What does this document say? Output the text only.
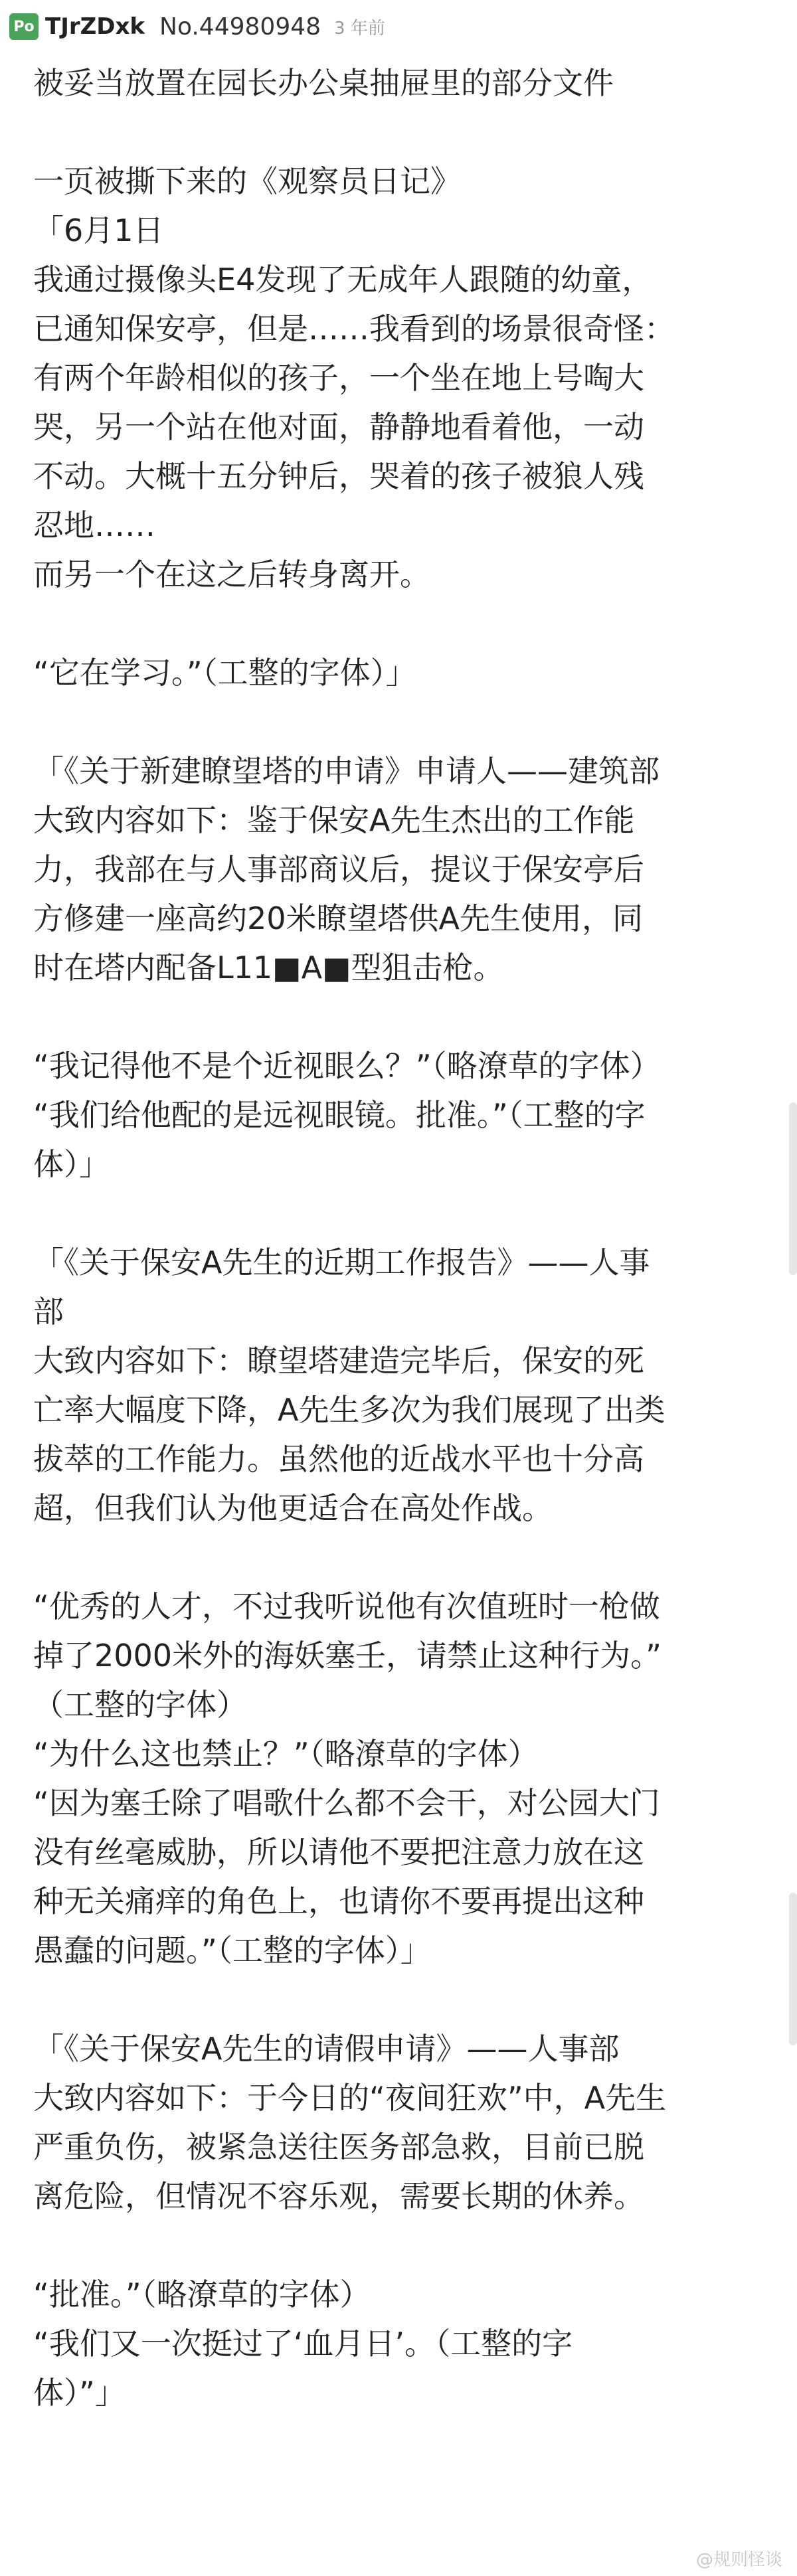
Po TJrZDxk No.44980948 3 年前

被妥当放置在园长办公桌抽屉里的部分文件

一页被撕下来的《观察员日记》

「6月1日

我通过摄像头E4发现了无成年人跟随的幼童，

已通知保安亭，但是……我看到的场景很奇怪：

有两个年龄相似的孩子，一个坐在地上号啕大

哭，另一个站在他对面，静静地看着他，一动

不动。大概十五分钟后，哭着的孩子被狼人残

忍地……

而另一个在这之后转身离开。

“它在学习。”（工整的字体）」

「《关于新建瞭望塔的申请》申请人——建筑部

大致内容如下：鉴于保安A先生杰出的工作能

力，我部在与人事部商议后，提议于保安亭后

方修建一座高约20米瞭望塔供A先生使用，同

时在塔内配备L11■A■型狙击枪。

“我记得他不是个近视眼么？”（略潦草的字体）

“我们给他配的是远视眼镜。批准。”（工整的字

体）」

「《关于保安A先生的近期工作报告》——人事

部

大致内容如下：瞭望塔建造完毕后，保安的死

亡率大幅度下降，A先生多次为我们展现了出类

拔萃的工作能力。虽然他的近战水平也十分高

超，但我们认为他更适合在高处作战。

“优秀的人才，不过我听说他有次值班时一枪做

掉了2000米外的海妖塞壬，请禁止这种行为。”

（工整的字体）

“为什么这也禁止？”（略潦草的字体）

“因为塞壬除了唱歌什么都不会干，对公园大门

没有丝毫威胁，所以请他不要把注意力放在这

种无关痛痒的角色上，也请你不要再提出这种

愚蠢的问题。”（工整的字体）」

「《关于保安A先生的请假申请》——人事部

大致内容如下：于今日的“夜间狂欢”中，A先生

严重负伤，被紧急送往医务部急救，目前已脱

离危险，但情况不容乐观，需要长期的休养。

“批准。”（略潦草的字体）

“我们又一次挺过了‘血月日’。（工整的字

体）”」

@规则怪谈
